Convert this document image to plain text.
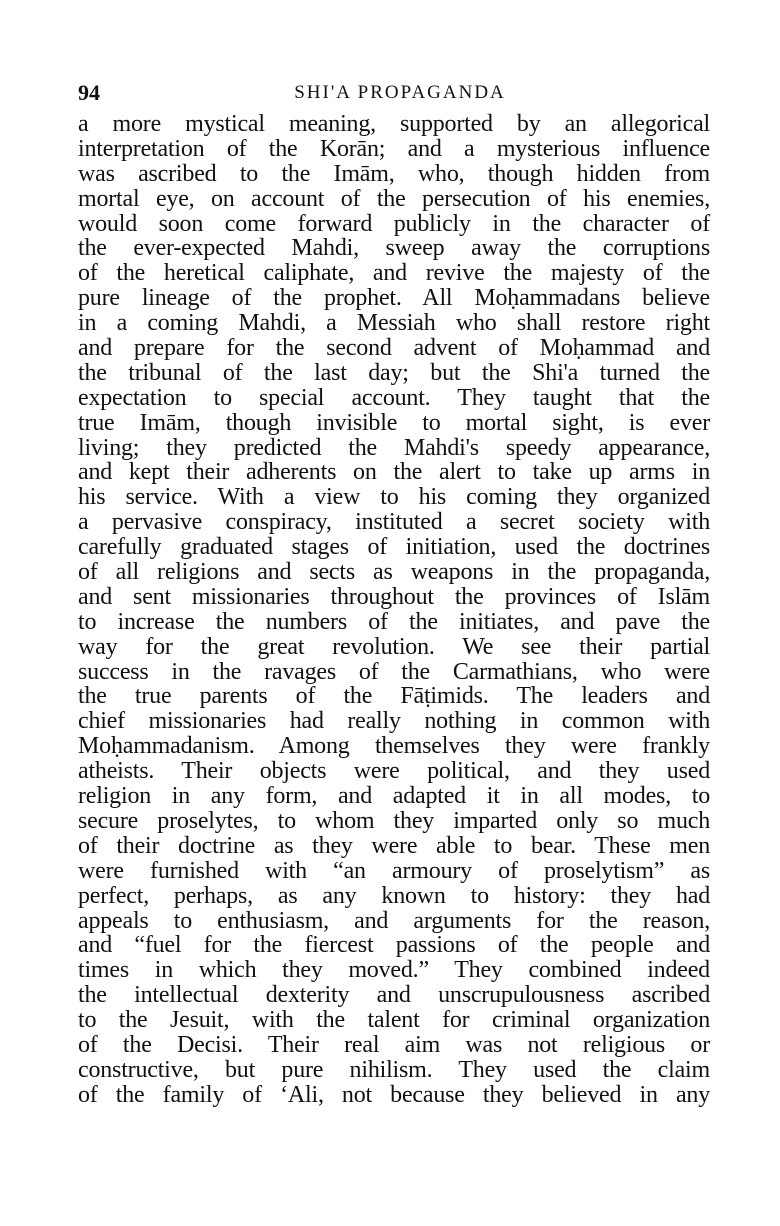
94	SHI'A PROPAGANDA
a more mystical meaning, supported by an allegorical
interpretation of the Korān; and a mysterious influence
was ascribed to the Imām, who, though hidden from
mortal eye, on account of the persecution of his enemies,
would soon come forward publicly in the character of
the ever-expected Mahdi, sweep away the corruptions
of the heretical caliphate, and revive the majesty of the
pure lineage of the prophet. All Moḥammadans believe
in a coming Mahdi, a Messiah who shall restore right
and prepare for the second advent of Moḥammad and
the tribunal of the last day; but the Shi'a turned the
expectation to special account. They taught that the
true Imām, though invisible to mortal sight, is ever
living; they predicted the Mahdi's speedy appearance,
and kept their adherents on the alert to take up arms in
his service. With a view to his coming they organized
a pervasive conspiracy, instituted a secret society with
carefully graduated stages of initiation, used the doctrines
of all religions and sects as weapons in the propaganda,
and sent missionaries throughout the provinces of Islām
to increase the numbers of the initiates, and pave the
way for the great revolution. We see their partial
success in the ravages of the Carmathians, who were
the true parents of the Fāṭimids. The leaders and
chief missionaries had really nothing in common with
Moḥammadanism. Among themselves they were frankly
atheists. Their objects were political, and they used
religion in any form, and adapted it in all modes, to
secure proselytes, to whom they imparted only so much
of their doctrine as they were able to bear. These men
were furnished with “an armoury of proselytism” as
perfect, perhaps, as any known to history: they had
appeals to enthusiasm, and arguments for the reason,
and “fuel for the fiercest passions of the people and
times in which they moved.” They combined indeed
the intellectual dexterity and unscrupulousness ascribed
to the Jesuit, with the talent for criminal organization
of the Decisi. Their real aim was not religious or
constructive, but pure nihilism. They used the claim
of the family of ‘Ali, not because they believed in any
